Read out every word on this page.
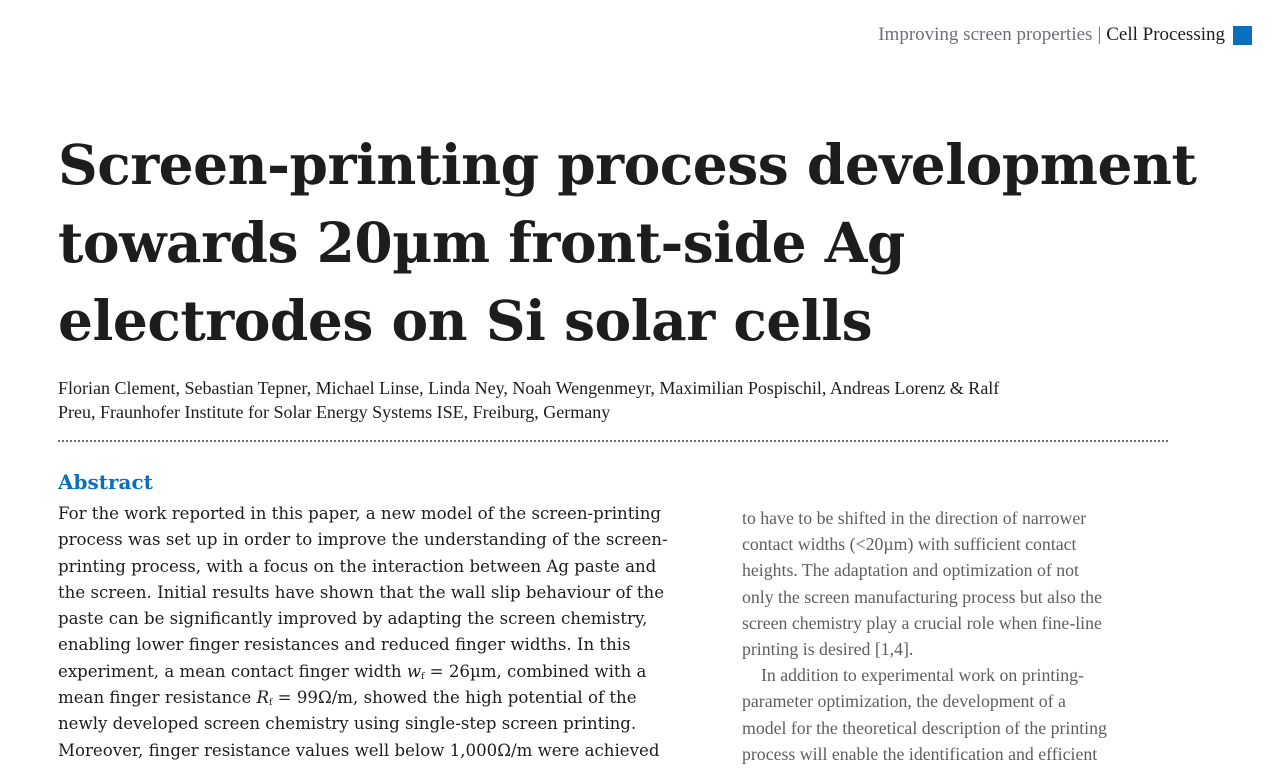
Improving screen properties | Cell Processing
Screen-printing process development
towards 20µm front-side Ag
electrodes on Si solar cells

Florian Clement, Sebastian Tepner, Michael Linse, Linda Ney, Noah Wengenmeyr, Maximilian Pospischil, Andreas Lorenz & Ralf
Preu, Fraunhofer Institute for Solar Energy Systems ISE, Freiburg, Germany

Abstract

For the work reported in this paper, a new model of the screen-printing
process was set up in order to improve the understanding of the screen-
printing process, with a focus on the interaction between Ag paste and
the screen. Initial results have shown that the wall slip behaviour of the
paste can be significantly improved by adapting the screen chemistry,
enabling lower finger resistances and reduced finger widths. In this
experiment, a mean contact finger width $w_f = 26\mu m$, combined with a
mean finger resistance $R_f = 99\Omega/m$, showed the high potential of the
newly developed screen chemistry using single-step screen printing.
Moreover, finger resistance values well below 1,000Ω/m were achieved

to have to be shifted in the direction of narrower
contact widths (<20µm) with sufficient contact
heights. The adaptation and optimization of not
only the screen manufacturing process but also the
screen chemistry play a crucial role when fine-line
printing is desired [1,4].
In addition to experimental work on printing-
parameter optimization, the development of a
model for the theoretical description of the printing
process will enable the identification and efficient
